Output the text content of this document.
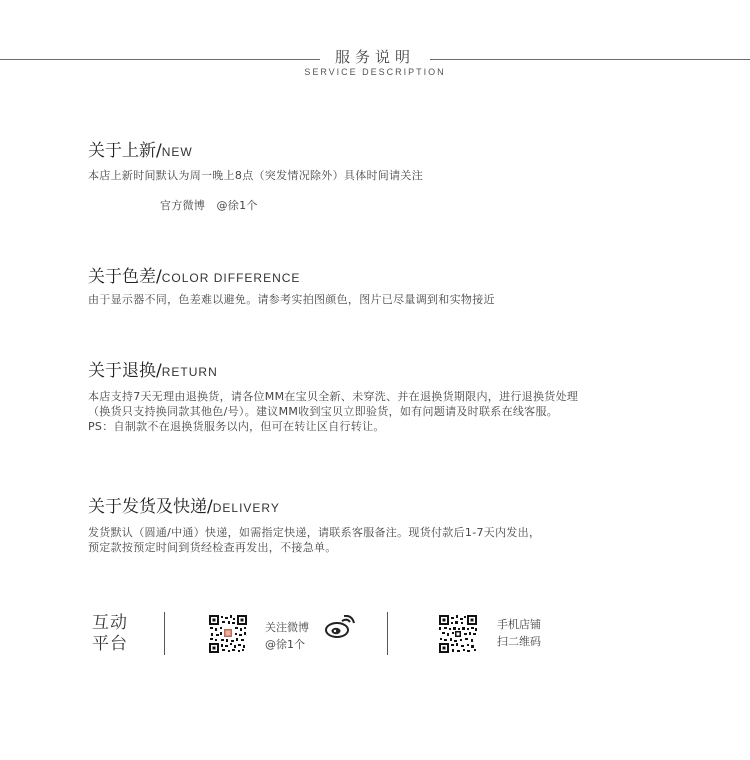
服务说明
SERVICE DESCRIPTION
关于上新/NEW
本店上新时间默认为周一晚上8点（突发情况除外）具体时间请关注
官方微博　@徐1个
关于色差/COLOR DIFFERENCE
由于显示器不同，色差难以避免。请参考实拍图颜色，图片已尽量调到和实物接近
关于退换/RETURN
本店支持7天无理由退换货，请各位MM在宝贝全新、未穿洗、并在退换货期限内，进行退换货处理
（换货只支持换同款其他色/号）。建议MM收到宝贝立即验货，如有问题请及时联系在线客服。
PS：自制款不在退换货服务以内，但可在转让区自行转让。
关于发货及快递/DELIVERY
发货默认（圆通/中通）快递，如需指定快递，请联系客服备注。现货付款后1-7天内发出，
预定款按预定时间到货经检查再发出，不接急单。
互动
平台
关注微博
@徐1个
手机店铺
扫二维码
